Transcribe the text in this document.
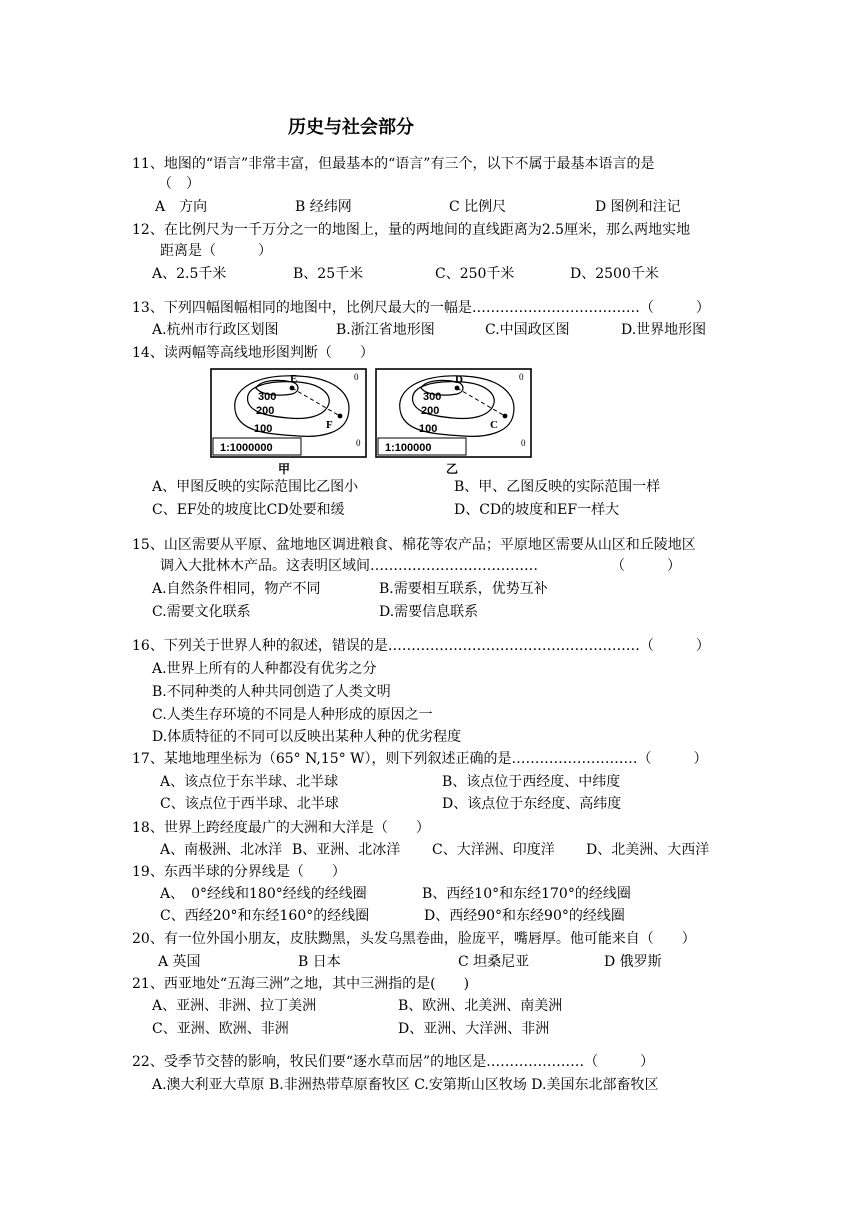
历史与社会部分
11、地图的“语言”非常丰富，但最基本的“语言”有三个，以下不属于最基本语言的是
（　）
A　方向	B 经纬网	C 比例尺	D 图例和注记
12、在比例尺为一千万分之一的地图上，量的两地间的直线距离为2.5厘米，那么两地实地
距离是（　　　）
A、2.5千米	B、25千米	C、250千米	D、2500千米
13、下列四幅图幅相同的地图中，比例尺最大的一幅是………………………………（　　　）
A.杭州市行政区划图	B.浙江省地形图	C.中国政区图	D.世界地形图
14、读两幅等高线地形图判断（　　）
E
F
300
200
100
1:1000000
甲
0
0
D
C
300
200
100
1:100000
乙
0
0
A、甲图反映的实际范围比乙图小	B、甲、乙图反映的实际范围一样
C、EF处的坡度比CD处要和缓	D、CD的坡度和EF一样大
15、山区需要从平原、盆地地区调进粮食、棉花等农产品；平原地区需要从山区和丘陵地区
调入大批林木产品。这表明区域间………………………………	（　　　）
A.自然条件相同，物产不同	B.需要相互联系，优势互补
C.需要文化联系	D.需要信息联系
16、下列关于世界人种的叙述，错误的是………………………………………………（　　　）
A.世界上所有的人种都没有优劣之分
B.不同种类的人种共同创造了人类文明
C.人类生存环境的不同是人种形成的原因之一
D.体质特征的不同可以反映出某种人种的优劣程度
17、某地地理坐标为（65° N,15° W），则下列叙述正确的是………………………（　　　）
A、该点位于东半球、北半球	B、该点位于西经度、中纬度
C、该点位于西半球、北半球	D、该点位于东经度、高纬度
18、世界上跨经度最广的大洲和大洋是（　　）
A、南极洲、北冰洋 B、亚洲、北冰洋 C、大洋洲、印度洋 D、北美洲、大西洋
19、东西半球的分界线是（　　）
A、　0°经线和180°经线的经线圈	B、西经10°和东经170°的经线圈
C、西经20°和东经160°的经线圈	D、西经90°和东经90°的经线圈
20、有一位外国小朋友，皮肤黝黑，头发乌黑卷曲，脸庞平，嘴唇厚。他可能来自（　　）
A 英国	B 日本	C 坦桑尼亚	D 俄罗斯
21、西亚地处“五海三洲”之地，其中三洲指的是(　　)
A、亚洲、非洲、拉丁美洲	B、欧洲、北美洲、南美洲
C、亚洲、欧洲、非洲	D、亚洲、大洋洲、非洲
22、受季节交替的影响，牧民们要“逐水草而居”的地区是…………………（　　　）
A.澳大利亚大草原 B.非洲热带草原畜牧区 C.安第斯山区牧场 D.美国东北部畜牧区
